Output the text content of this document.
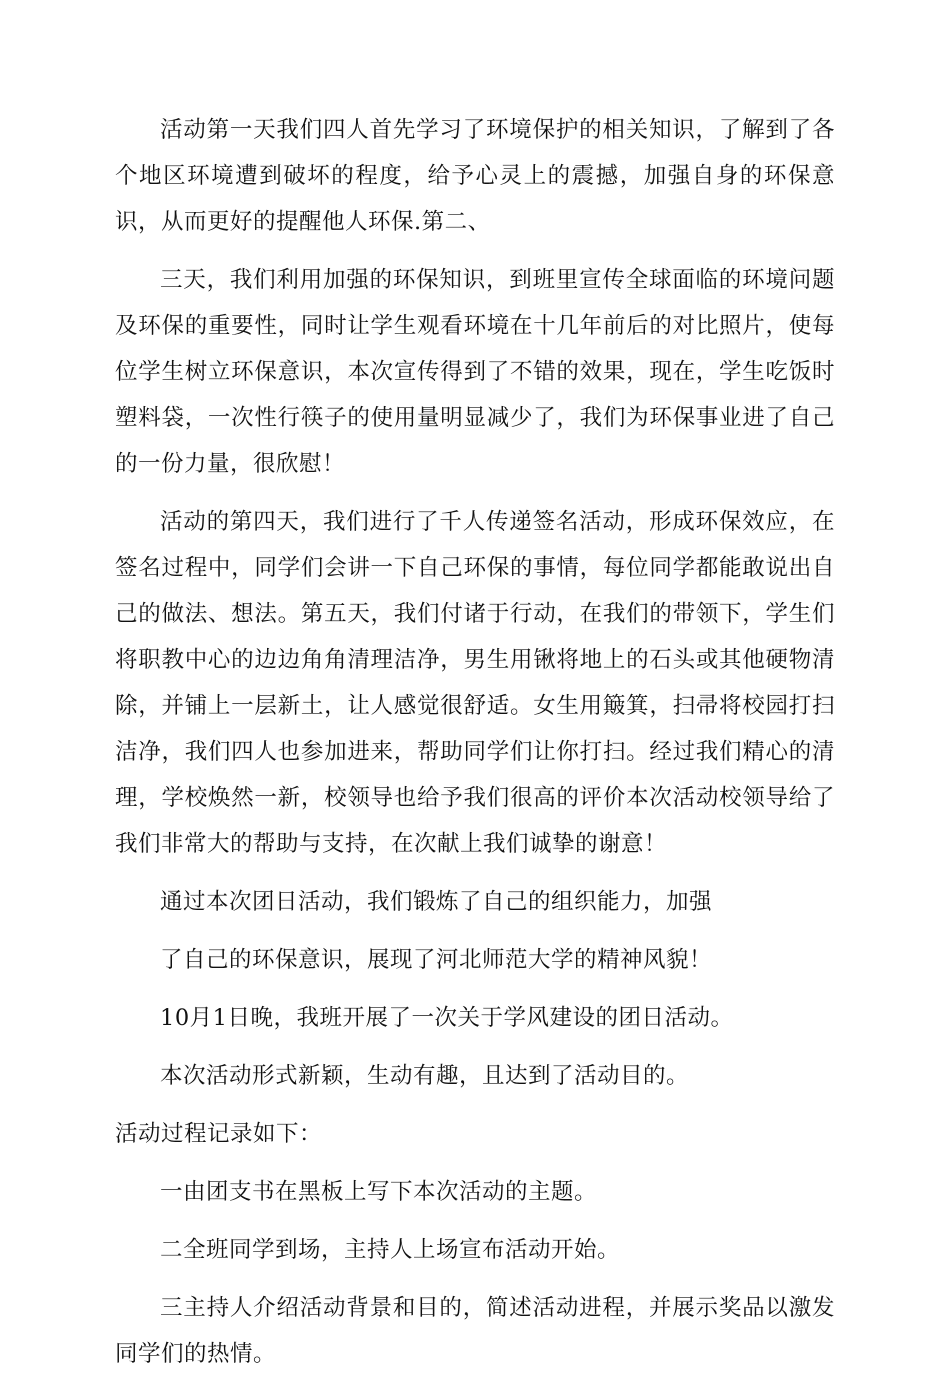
活动第一天我们四人首先学习了环境保护的相关知识，了解到了各个地区环境遭到破坏的程度，给予心灵上的震撼，加强自身的环保意识，从而更好的提醒他人环保.第二、

三天，我们利用加强的环保知识，到班里宣传全球面临的环境问题及环保的重要性，同时让学生观看环境在十几年前后的对比照片，使每位学生树立环保意识，本次宣传得到了不错的效果，现在，学生吃饭时塑料袋，一次性行筷子的使用量明显减少了，我们为环保事业进了自己的一份力量，很欣慰！

活动的第四天，我们进行了千人传递签名活动，形成环保效应，在签名过程中，同学们会讲一下自己环保的事情，每位同学都能敢说出自己的做法、想法。第五天，我们付诸于行动，在我们的带领下，学生们将职教中心的边边角角清理洁净，男生用锹将地上的石头或其他硬物清除，并铺上一层新土，让人感觉很舒适。女生用簸箕，扫帚将校园打扫洁净，我们四人也参加进来，帮助同学们让你打扫。经过我们精心的清理，学校焕然一新，校领导也给予我们很高的评价本次活动校领导给了我们非常大的帮助与支持，在次献上我们诚挚的谢意！

通过本次团日活动，我们锻炼了自己的组织能力，加强

了自己的环保意识，展现了河北师范大学的精神风貌！

10月1日晚，我班开展了一次关于学风建设的团日活动。

本次活动形式新颖，生动有趣，且达到了活动目的。

活动过程记录如下：

一由团支书在黑板上写下本次活动的主题。

二全班同学到场，主持人上场宣布活动开始。

三主持人介绍活动背景和目的，简述活动进程，并展示奖品以激发同学们的热情。
